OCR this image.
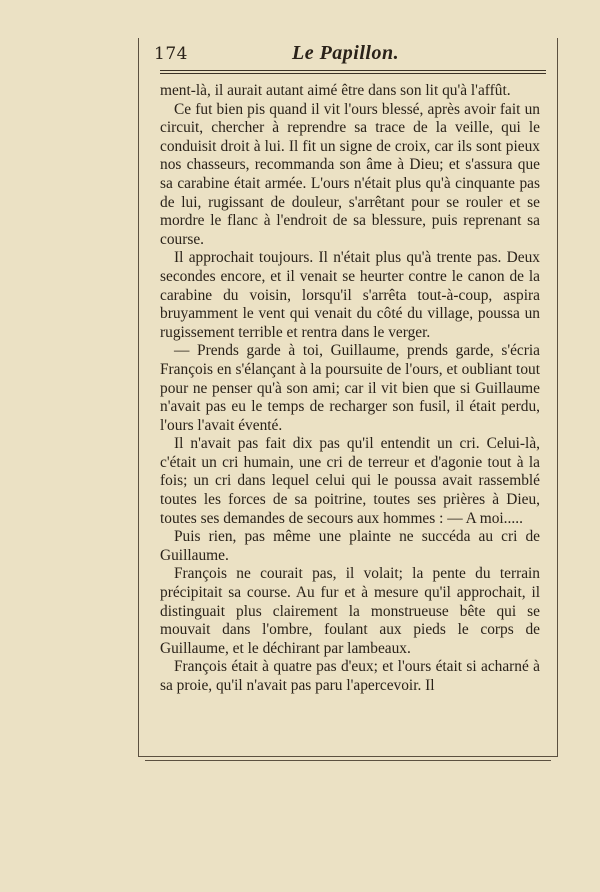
174	Le Papillon.

ment-là, il aurait autant aimé être dans son lit qu'à l'affût.

Ce fut bien pis quand il vit l'ours blessé, après avoir fait un circuit, chercher à reprendre sa trace de la veille, qui le conduisit droit à lui. Il fit un signe de croix, car ils sont pieux nos chasseurs, recommanda son âme à Dieu; et s'assura que sa carabine était armée. L'ours n'était plus qu'à cinquante pas de lui, rugissant de douleur, s'arrêtant pour se rouler et se mordre le flanc à l'endroit de sa blessure, puis reprenant sa course.

Il approchait toujours. Il n'était plus qu'à trente pas. Deux secondes encore, et il venait se heurter contre le canon de la carabine du voisin, lorsqu'il s'arrêta tout-à-coup, aspira bruyamment le vent qui venait du côté du village, poussa un rugissement terrible et rentra dans le verger.

— Prends garde à toi, Guillaume, prends garde, s'écria François en s'élançant à la poursuite de l'ours, et oubliant tout pour ne penser qu'à son ami; car il vit bien que si Guillaume n'avait pas eu le temps de recharger son fusil, il était perdu, l'ours l'avait éventé.

Il n'avait pas fait dix pas qu'il entendit un cri. Celui-là, c'était un cri humain, une cri de terreur et d'agonie tout à la fois; un cri dans lequel celui qui le poussa avait rassemblé toutes les forces de sa poitrine, toutes ses prières à Dieu, toutes ses demandes de secours aux hommes : — A moi.....

Puis rien, pas même une plainte ne succéda au cri de Guillaume.

François ne courait pas, il volait; la pente du terrain précipitait sa course. Au fur et à mesure qu'il approchait, il distinguait plus clairement la monstrueuse bête qui se mouvait dans l'ombre, foulant aux pieds le corps de Guillaume, et le déchirant par lambeaux.

François était à quatre pas d'eux; et l'ours était si acharné à sa proie, qu'il n'avait pas paru l'apercevoir. Il
